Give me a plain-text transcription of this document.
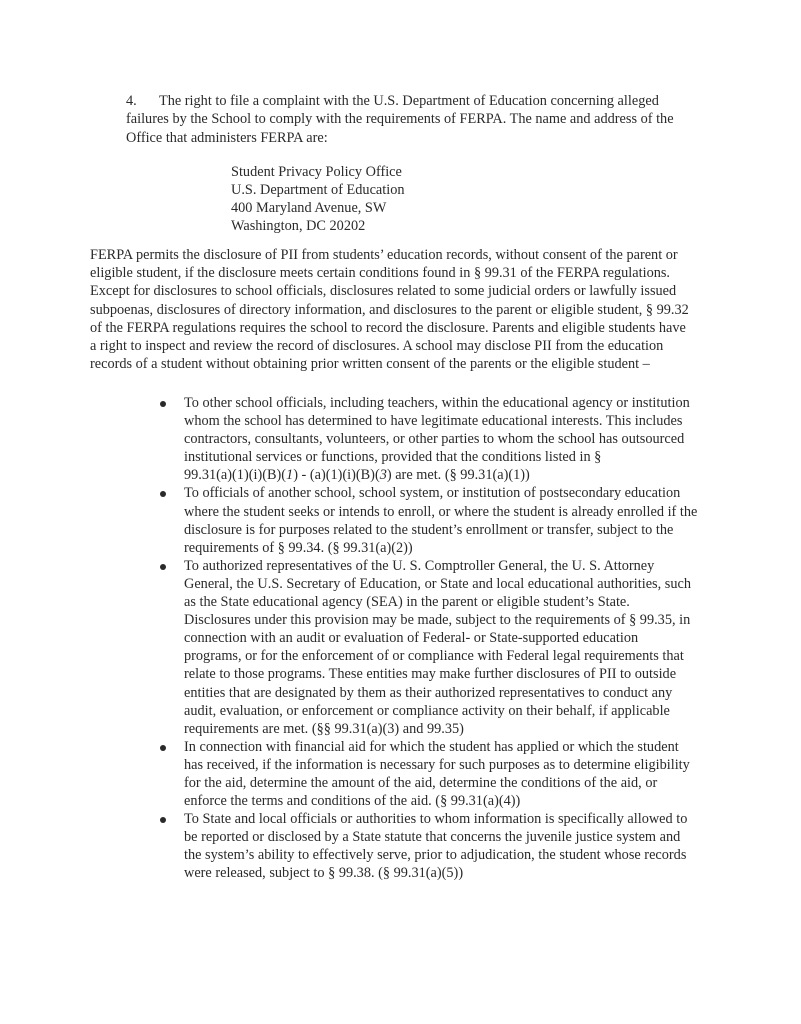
4. The right to file a complaint with the U.S. Department of Education concerning alleged
failures by the School to comply with the requirements of FERPA. The name and address of the
Office that administers FERPA are:

Student Privacy Policy Office
U.S. Department of Education
400 Maryland Avenue, SW
Washington, DC 20202

FERPA permits the disclosure of PII from students’ education records, without consent of the parent or
eligible student, if the disclosure meets certain conditions found in § 99.31 of the FERPA regulations.
Except for disclosures to school officials, disclosures related to some judicial orders or lawfully issued
subpoenas, disclosures of directory information, and disclosures to the parent or eligible student, § 99.32
of the FERPA regulations requires the school to record the disclosure. Parents and eligible students have
a right to inspect and review the record of disclosures. A school may disclose PII from the education
records of a student without obtaining prior written consent of the parents or the eligible student –

To other school officials, including teachers, within the educational agency or institution
whom the school has determined to have legitimate educational interests. This includes
contractors, consultants, volunteers, or other parties to whom the school has outsourced
institutional services or functions, provided that the conditions listed in §
99.31(a)(1)(i)(B)(1) - (a)(1)(i)(B)(3) are met. (§ 99.31(a)(1))
To officials of another school, school system, or institution of postsecondary education
where the student seeks or intends to enroll, or where the student is already enrolled if the
disclosure is for purposes related to the student’s enrollment or transfer, subject to the
requirements of § 99.34. (§ 99.31(a)(2))
To authorized representatives of the U. S. Comptroller General, the U. S. Attorney
General, the U.S. Secretary of Education, or State and local educational authorities, such
as the State educational agency (SEA) in the parent or eligible student’s State.
Disclosures under this provision may be made, subject to the requirements of § 99.35, in
connection with an audit or evaluation of Federal- or State-supported education
programs, or for the enforcement of or compliance with Federal legal requirements that
relate to those programs. These entities may make further disclosures of PII to outside
entities that are designated by them as their authorized representatives to conduct any
audit, evaluation, or enforcement or compliance activity on their behalf, if applicable
requirements are met. (§§ 99.31(a)(3) and 99.35)
In connection with financial aid for which the student has applied or which the student
has received, if the information is necessary for such purposes as to determine eligibility
for the aid, determine the amount of the aid, determine the conditions of the aid, or
enforce the terms and conditions of the aid. (§ 99.31(a)(4))
To State and local officials or authorities to whom information is specifically allowed to
be reported or disclosed by a State statute that concerns the juvenile justice system and
the system’s ability to effectively serve, prior to adjudication, the student whose records
were released, subject to § 99.38. (§ 99.31(a)(5))
